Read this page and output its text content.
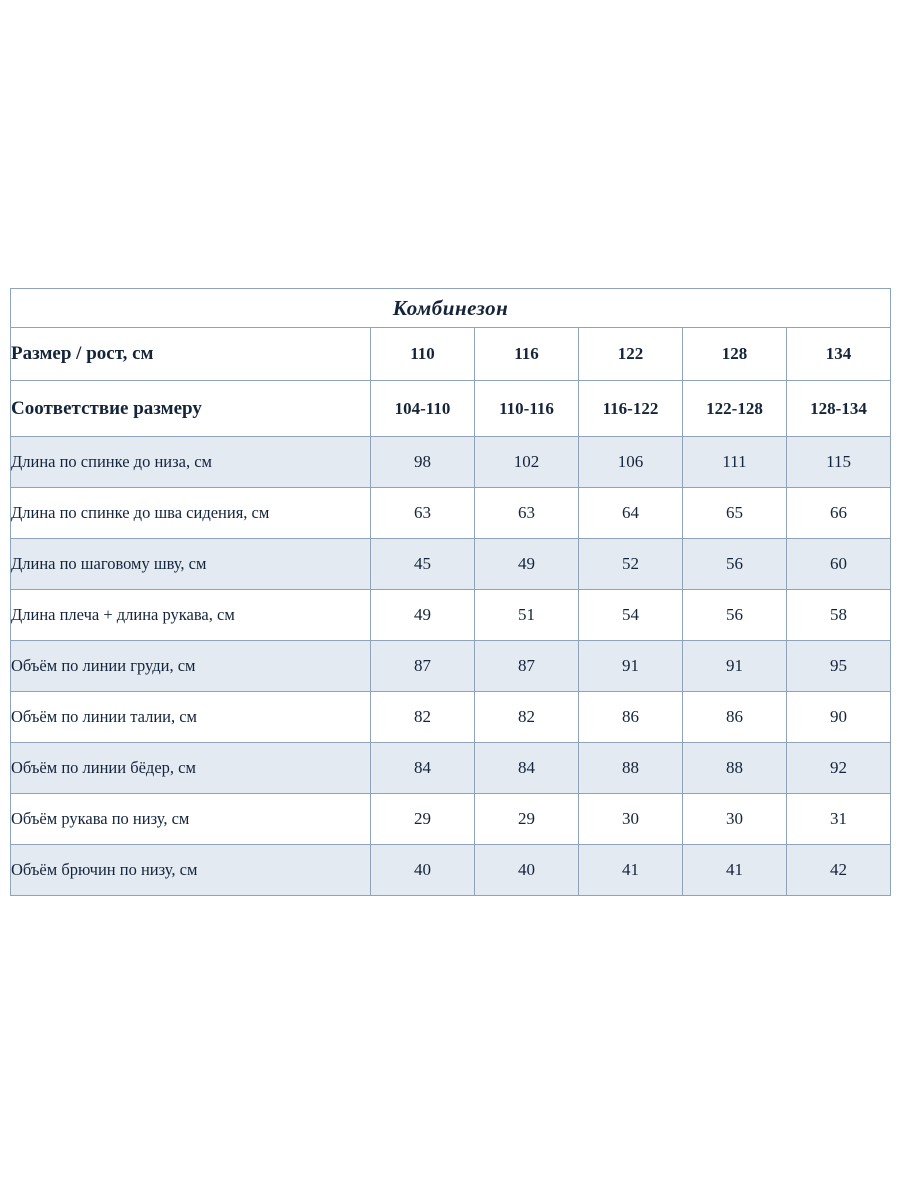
Комбинезон					
Размер / рост, см	110	116	122	128	134
Соответствие размеру	104-110	110-116	116-122	122-128	128-134
Длина по спинке до низа, см	98	102	106	111	115
Длина по спинке до шва сидения, см	63	63	64	65	66
Длина по шаговому шву, см	45	49	52	56	60
Длина плеча + длина рукава, см	49	51	54	56	58
Объём по линии груди, см	87	87	91	91	95
Объём по линии талии, см	82	82	86	86	90
Объём по линии бёдер, см	84	84	88	88	92
Объём рукава по низу, см	29	29	30	30	31
Объём брючин по низу, см	40	40	41	41	42
